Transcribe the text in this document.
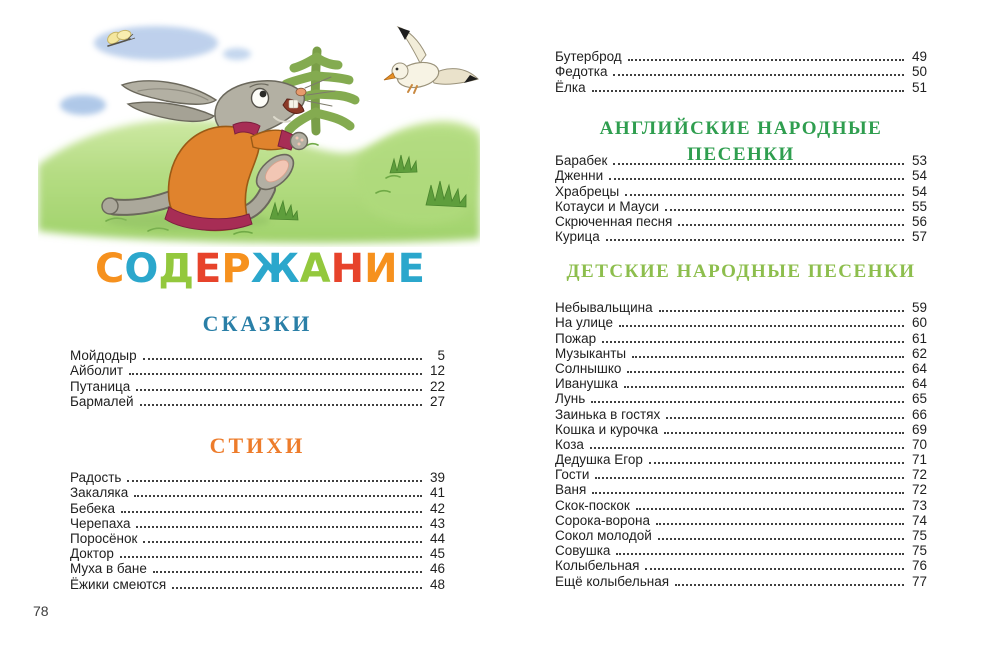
СОДЕРЖАНИЕ
СКАЗКИ
Мойдодыр	5
Айболит	12
Путаница	22
Бармалей	27
СТИХИ
Радость	39
Закаляка	41
Бебека	42
Черепаха	43
Поросёнок	44
Доктор	45
Муха в бане	46
Ёжики смеются	48
78
Бутерброд	49
Федотка	50
Ёлка	51
АНГЛИЙСКИЕ НАРОДНЫЕ ПЕСЕНКИ
Барабек	53
Дженни	54
Храбрецы	54
Котауси и Мауси	55
Скрюченная песня	56
Курица	57
ДЕТСКИЕ НАРОДНЫЕ ПЕСЕНКИ
Небывальщина	59
На улице	60
Пожар	61
Музыканты	62
Солнышко	64
Иванушка	64
Лунь	65
Заинька в гостях	66
Кошка и курочка	69
Коза	70
Дедушка Егор	71
Гости	72
Ваня	72
Скок-поскок	73
Сорока-ворона	74
Сокол молодой	75
Совушка	75
Колыбельная	76
Ещё колыбельная	77
